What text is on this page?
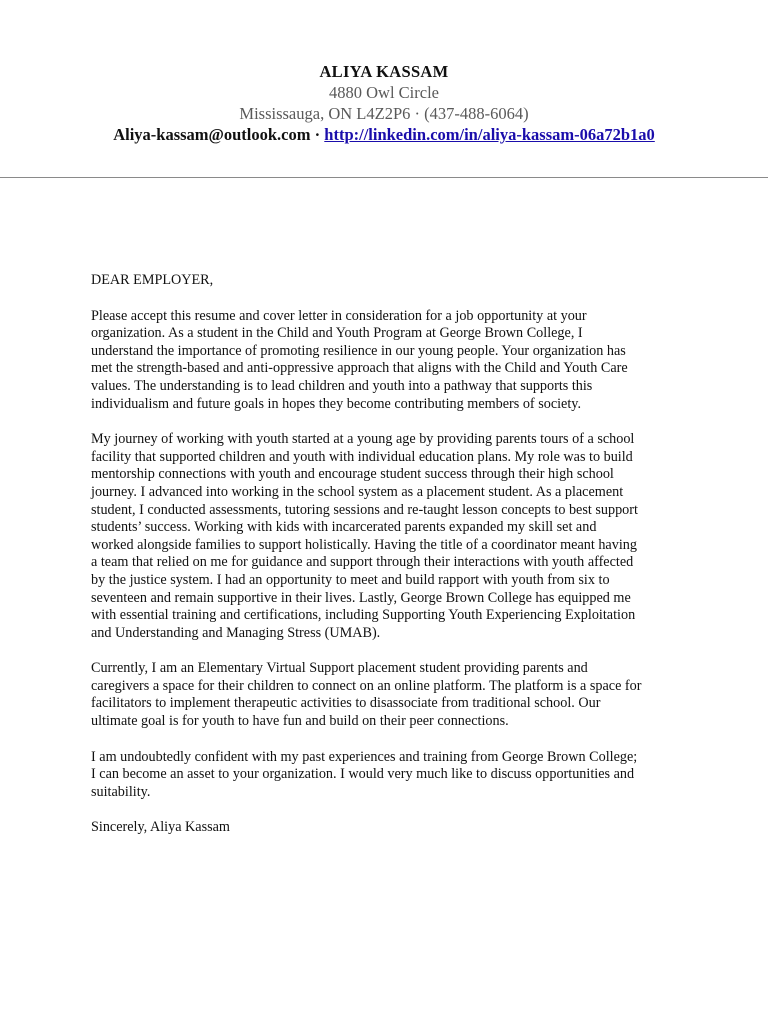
ALIYA KASSAM
4880 Owl Circle
Mississauga, ON L4Z2P6 · (437-488-6064)
Aliya-kassam@outlook.com · http://linkedin.com/in/aliya-kassam-06a72b1a0

DEAR EMPLOYER,

Please accept this resume and cover letter in consideration for a job opportunity at your
organization. As a student in the Child and Youth Program at George Brown College, I
understand the importance of promoting resilience in our young people. Your organization has
met the strength-based and anti-oppressive approach that aligns with the Child and Youth Care
values. The understanding is to lead children and youth into a pathway that supports this
individualism and future goals in hopes they become contributing members of society.

My journey of working with youth started at a young age by providing parents tours of a school
facility that supported children and youth with individual education plans. My role was to build
mentorship connections with youth and encourage student success through their high school
journey. I advanced into working in the school system as a placement student. As a placement
student, I conducted assessments, tutoring sessions and re-taught lesson concepts to best support
students’ success. Working with kids with incarcerated parents expanded my skill set and
worked alongside families to support holistically. Having the title of a coordinator meant having
a team that relied on me for guidance and support through their interactions with youth affected
by the justice system. I had an opportunity to meet and build rapport with youth from six to
seventeen and remain supportive in their lives. Lastly, George Brown College has equipped me
with essential training and certifications, including Supporting Youth Experiencing Exploitation
and Understanding and Managing Stress (UMAB).

Currently, I am an Elementary Virtual Support placement student providing parents and
caregivers a space for their children to connect on an online platform. The platform is a space for
facilitators to implement therapeutic activities to disassociate from traditional school. Our
ultimate goal is for youth to have fun and build on their peer connections.

I am undoubtedly confident with my past experiences and training from George Brown College;
I can become an asset to your organization. I would very much like to discuss opportunities and
suitability.

Sincerely, Aliya Kassam
